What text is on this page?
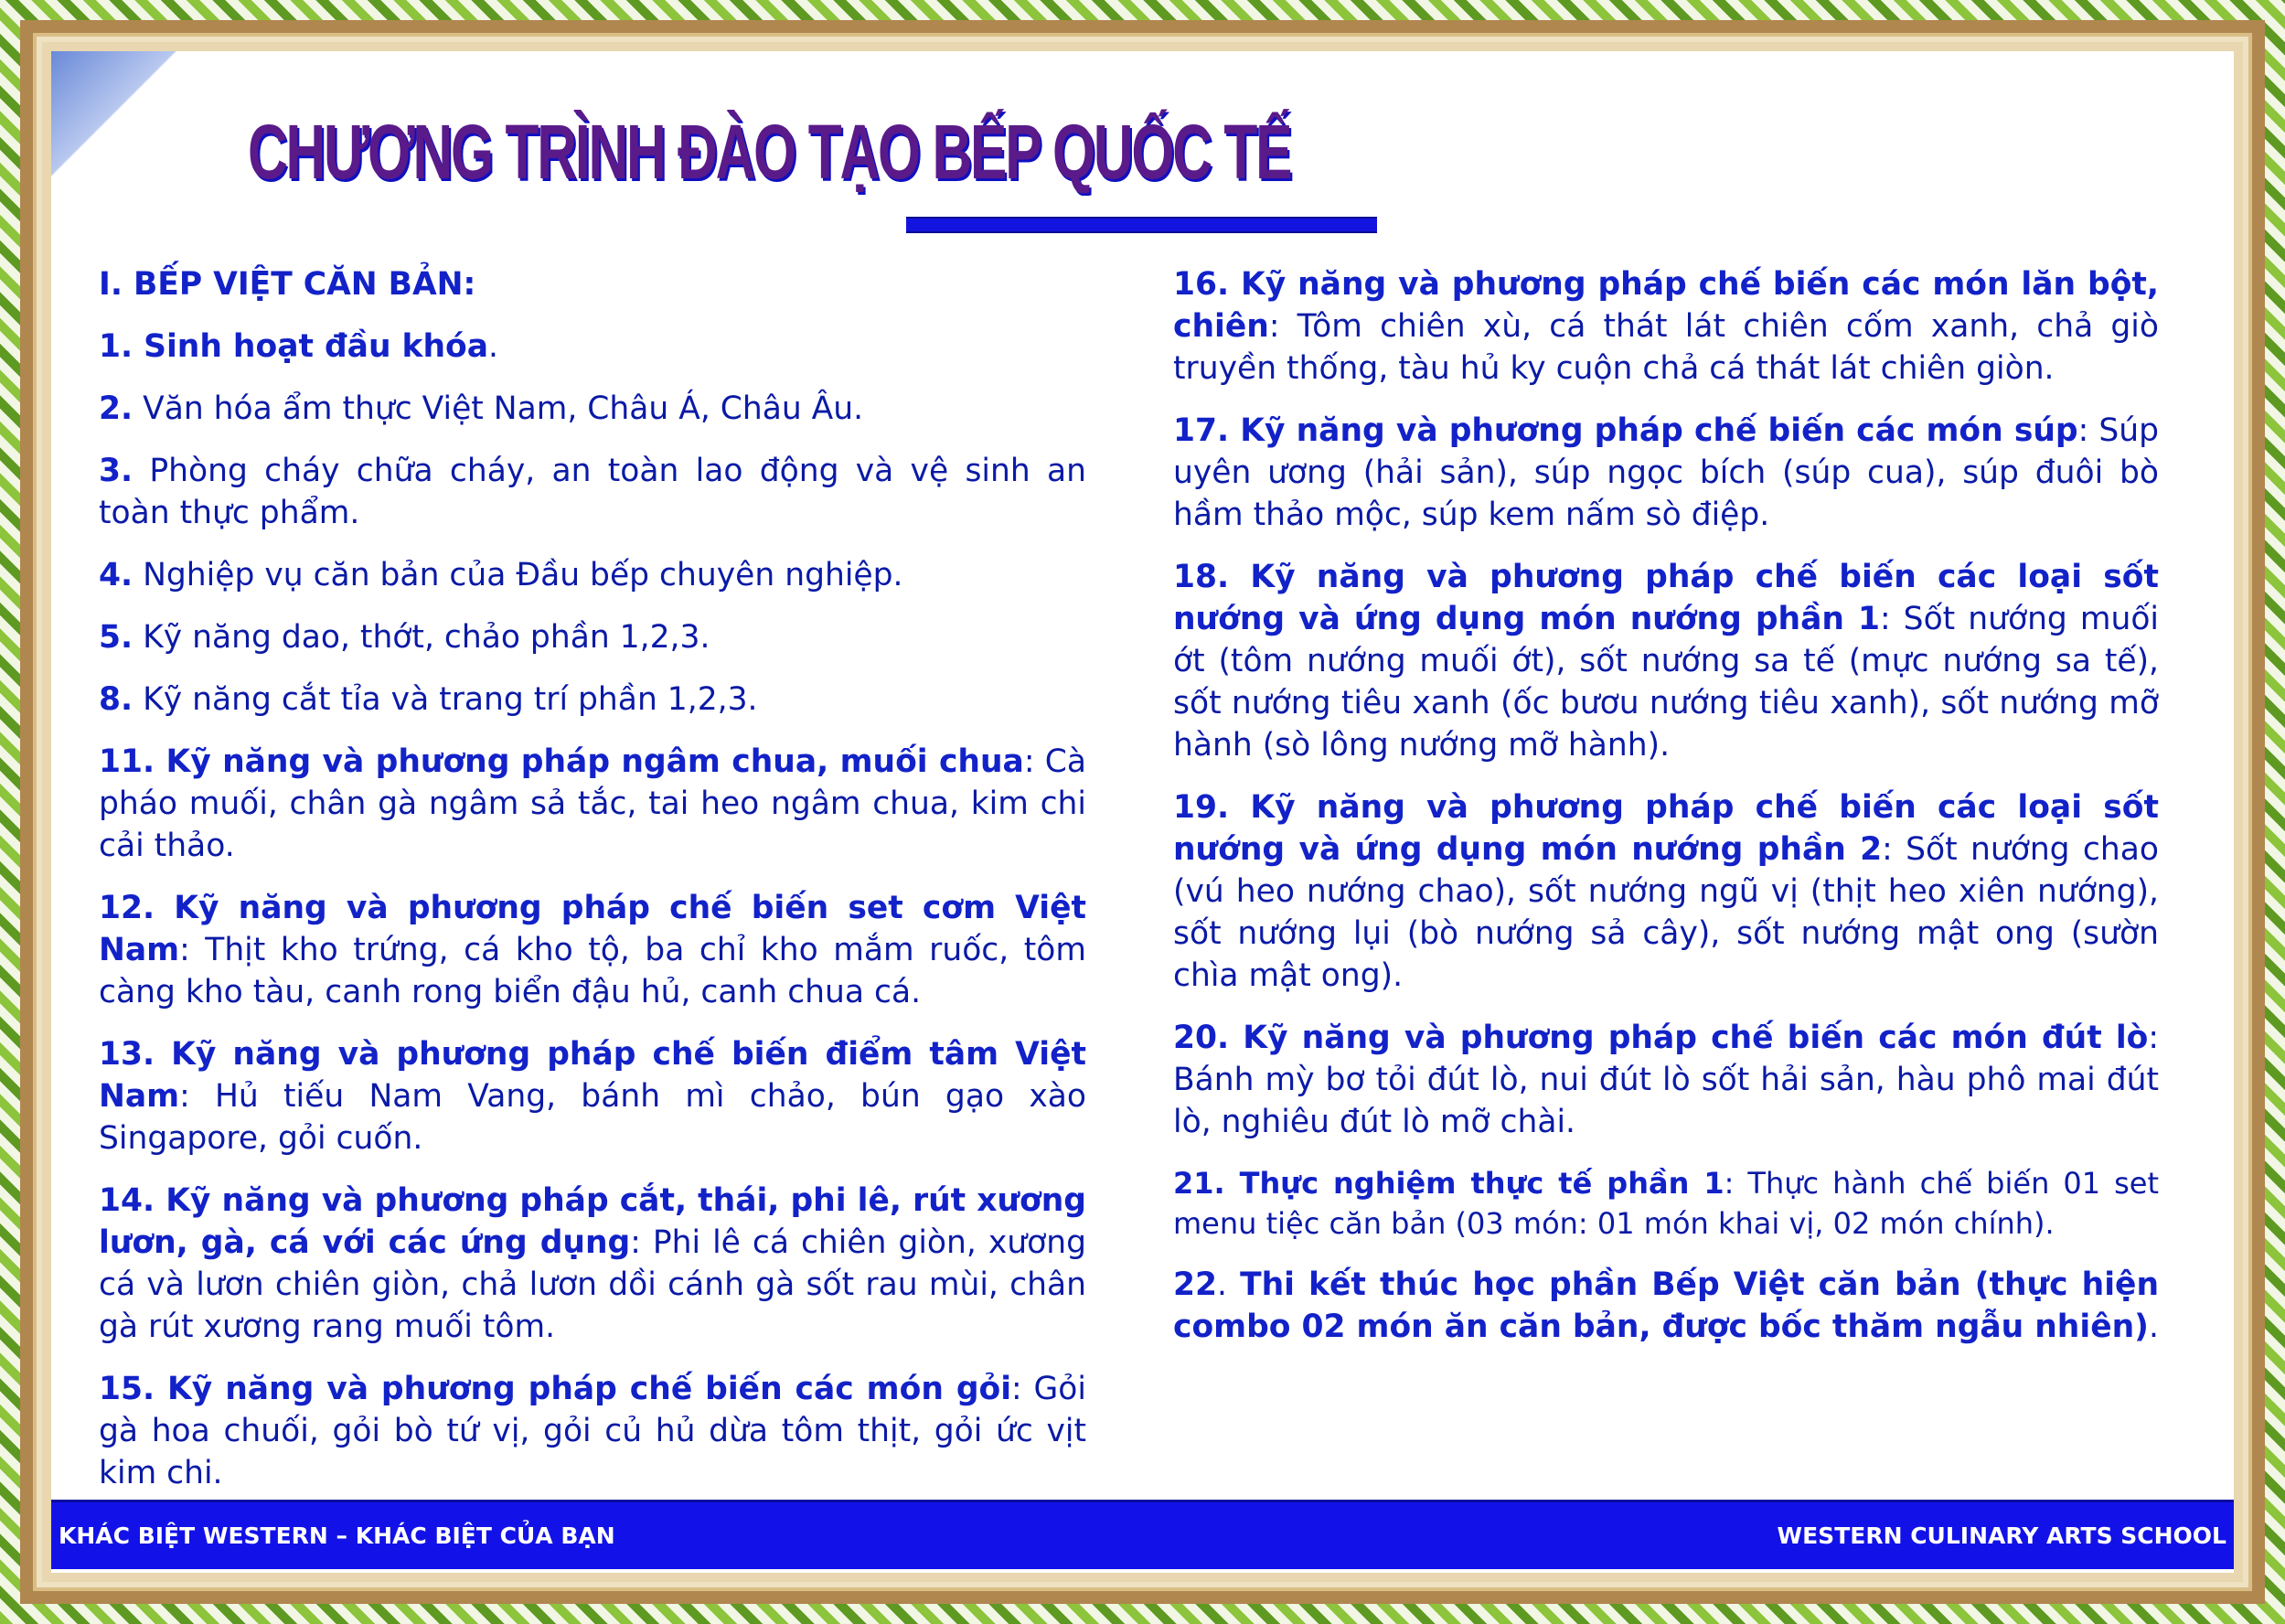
CHƯƠNG TRÌNH ĐÀO TẠO BẾP QUỐC TẾ
I. BẾP VIỆT CĂN BẢN:
1. Sinh hoạt đầu khóa.
2. Văn hóa ẩm thực Việt Nam, Châu Á, Châu Âu.
3. Phòng cháy chữa cháy, an toàn lao động và vệ sinh an toàn thực phẩm.
4. Nghiệp vụ căn bản của Đầu bếp chuyên nghiệp.
5. Kỹ năng dao, thớt, chảo phần 1,2,3.
8. Kỹ năng cắt tỉa và trang trí phần 1,2,3.
11. Kỹ năng và phương pháp ngâm chua, muối chua: Cà pháo muối, chân gà ngâm sả tắc, tai heo ngâm chua, kim chi cải thảo.
12. Kỹ năng và phương pháp chế biến set cơm Việt Nam: Thịt kho trứng, cá kho tộ, ba chỉ kho mắm ruốc, tôm càng kho tàu, canh rong biển đậu hủ, canh chua cá.
13. Kỹ năng và phương pháp chế biến điểm tâm Việt Nam: Hủ tiếu Nam Vang, bánh mì chảo, bún gạo xào Singapore, gỏi cuốn.
14. Kỹ năng và phương pháp cắt, thái, phi lê, rút xương lươn, gà, cá với các ứng dụng: Phi lê cá chiên giòn, xương cá và lươn chiên giòn, chả lươn dồi cánh gà sốt rau mùi, chân gà rút xương rang muối tôm.
15. Kỹ năng và phương pháp chế biến các món gỏi: Gỏi gà hoa chuối, gỏi bò tứ vị, gỏi củ hủ dừa tôm thịt, gỏi ức vịt kim chi.
16. Kỹ năng và phương pháp chế biến các món lăn bột, chiên: Tôm chiên xù, cá thát lát chiên cốm xanh, chả giò truyền thống, tàu hủ ky cuộn chả cá thát lát chiên giòn.
17. Kỹ năng và phương pháp chế biến các món súp: Súp uyên ương (hải sản), súp ngọc bích (súp cua), súp đuôi bò hầm thảo mộc, súp kem nấm sò điệp.
18. Kỹ năng và phương pháp chế biến các loại sốt nướng và ứng dụng món nướng phần 1: Sốt nướng muối ớt (tôm nướng muối ớt), sốt nướng sa tế (mực nướng sa tế), sốt nướng tiêu xanh (ốc bươu nướng tiêu xanh), sốt nướng mỡ hành (sò lông nướng mỡ hành).
19. Kỹ năng và phương pháp chế biến các loại sốt nướng và ứng dụng món nướng phần 2: Sốt nướng chao (vú heo nướng chao), sốt nướng ngũ vị (thịt heo xiên nướng), sốt nướng lụi (bò nướng sả cây), sốt nướng mật ong (sườn chìa mật ong).
20. Kỹ năng và phương pháp chế biến các món đút lò: Bánh mỳ bơ tỏi đút lò, nui đút lò sốt hải sản, hàu phô mai đút lò, nghiêu đút lò mỡ chài.
21. Thực nghiệm thực tế phần 1: Thực hành chế biến 01 set menu tiệc căn bản (03 món: 01 món khai vị, 02 món chính).
22. Thi kết thúc học phần Bếp Việt căn bản (thực hiện combo 02 món ăn căn bản, được bốc thăm ngẫu nhiên).
KHÁC BIỆT WESTERN – KHÁC BIỆT CỦA BẠN	WESTERN CULINARY ARTS SCHOOL
